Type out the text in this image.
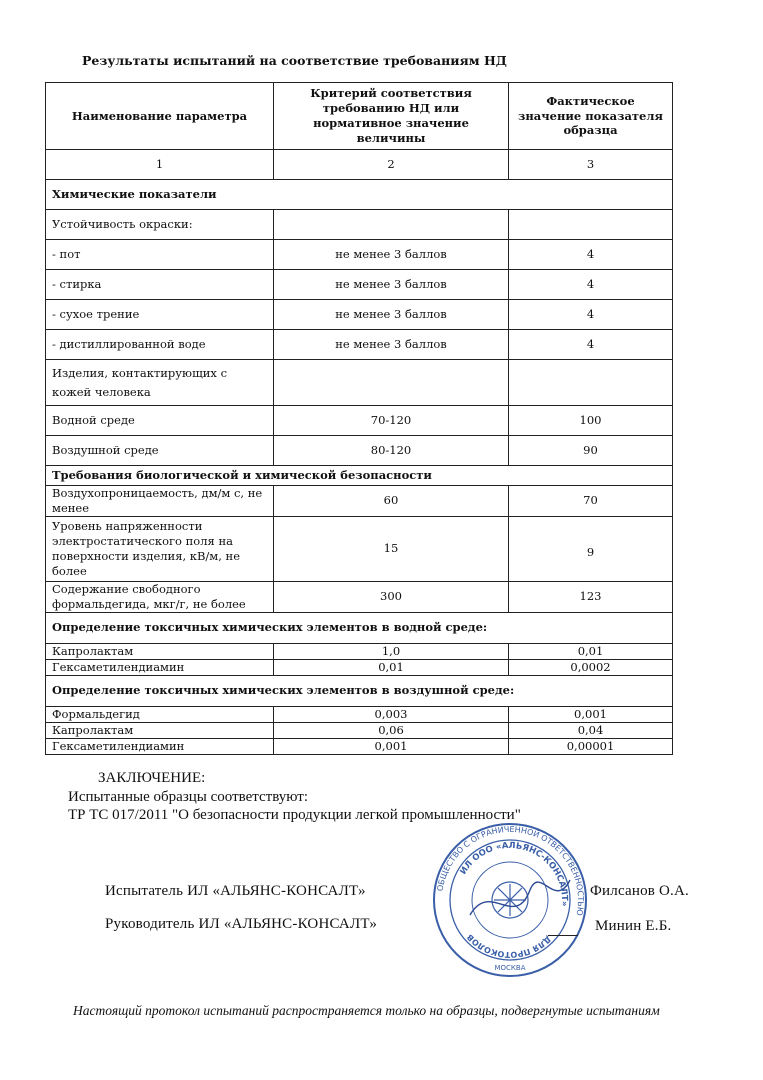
Результаты испытаний на соответствие требованиям НД
Наименование параметра	Критерий соответствия требованию НД или нормативное значение величины	Фактическое значение показателя образца
1	2	3
Химические показатели		
Устойчивость окраски:		
- пот	не менее 3 баллов	4
- стирка	не менее 3 баллов	4
- сухое трение	не менее 3 баллов	4
- дистиллированной воде	не менее 3 баллов	4
Изделия, контактирующих с кожей человека		
Водной среде	70-120	100
Воздушной среде	80-120	90
Требования биологической и химической безопасности		
Воздухопроницаемость, дм/м с, не менее	60	70
Уровень напряженности электростатического поля на поверхности изделия, кВ/м, не более	15	9
Содержание свободного формальдегида, мкг/г, не более	300	123
Определение токсичных химических элементов в водной среде:		
Капролактам	1,0	0,01
Гексаметилендиамин	0,01	0,0002
Определение токсичных химических элементов в воздушной среде:		
Формальдегид	0,003	0,001
Капролактам	0,06	0,04
Гексаметилендиамин	0,001	0,00001
ЗАКЛЮЧЕНИЕ:
Испытанные образцы соответствуют:
ТР ТС 017/2011 "О безопасности продукции легкой промышленности"
ОБЩЕСТВО С ОГРАНИЧЕННОЙ ОТВЕТСТВЕННОСТЬЮ
ИЛ ООО «АЛЬЯНС-КОНСАЛТ»
ДЛЯ ПРОТОКОЛОВ
МОСКВА
Испытатель ИЛ «АЛЬЯНС-КОНСАЛТ»	Филсанов О.А.
Руководитель ИЛ «АЛЬЯНС-КОНСАЛТ»	Минин Е.Б.
Настоящий протокол испытаний распространяется только на образцы, подвергнутые испытаниям
